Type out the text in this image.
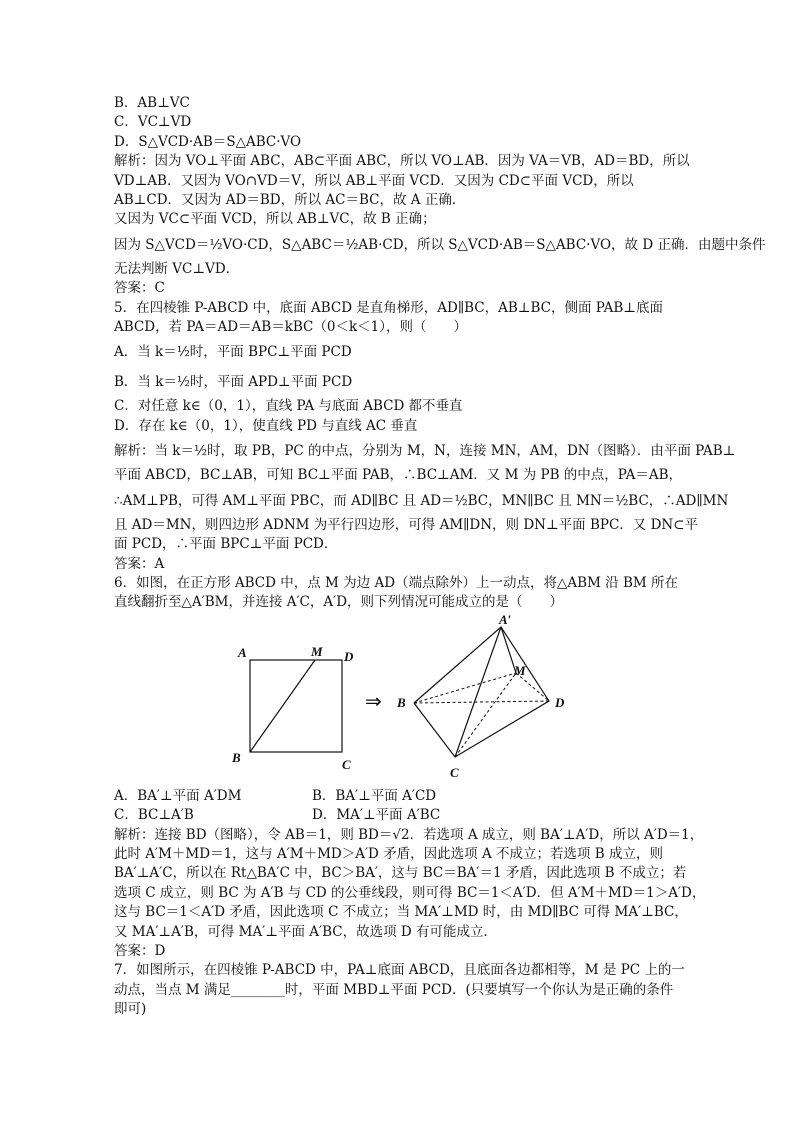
B．AB⊥VC
C．VC⊥VD
D．S△VCD·AB＝S△ABC·VO
解析：因为 VO⊥平面 ABC，AB⊂平面 ABC，所以 VO⊥AB．因为 VA＝VB，AD＝BD，所以
VD⊥AB．又因为 VO∩VD＝V，所以 AB⊥平面 VCD．又因为 CD⊂平面 VCD，所以
AB⊥CD．又因为 AD＝BD，所以 AC＝BC，故 A 正确．
又因为 VC⊂平面 VCD，所以 AB⊥VC，故 B 正确；
因为 S△VCD＝½VO·CD，S△ABC＝½AB·CD，所以 S△VCD·AB＝S△ABC·VO，故 D 正确．由题中条件
无法判断 VC⊥VD．
答案：C
5．在四棱锥 P-ABCD 中，底面 ABCD 是直角梯形，AD∥BC，AB⊥BC，侧面 PAB⊥底面
ABCD，若 PA＝AD＝AB＝kBC（0＜k＜1），则（　　）
A．当 k＝½时，平面 BPC⊥平面 PCD
B．当 k＝½时，平面 APD⊥平面 PCD
C．对任意 k∈（0，1），直线 PA 与底面 ABCD 都不垂直
D．存在 k∈（0，1），使直线 PD 与直线 AC 垂直
解析：当 k＝½时，取 PB，PC 的中点，分别为 M，N，连接 MN，AM，DN（图略）．由平面 PAB⊥
平面 ABCD，BC⊥AB，可知 BC⊥平面 PAB，∴BC⊥AM．又 M 为 PB 的中点，PA＝AB，
∴AM⊥PB，可得 AM⊥平面 PBC，而 AD∥BC 且 AD＝½BC，MN∥BC 且 MN＝½BC，∴AD∥MN
且 AD＝MN，则四边形 ADNM 为平行四边形，可得 AM∥DN，则 DN⊥平面 BPC．又 DN⊂平
面 PCD，∴平面 BPC⊥平面 PCD．
答案：A
6．如图，在正方形 ABCD 中，点 M 为边 AD（端点除外）上一动点，将△ABM 沿 BM 所在
直线翻折至△A′BM，并连接 A′C，A′D，则下列情况可能成立的是（　　）
A	M D
B	C
A′
M
B	D
C
⇒
A．BA′⊥平面 A′DM	B．BA′⊥平面 A′CD
C．BC⊥A′B	D．MA′⊥平面 A′BC
解析：连接 BD（图略），令 AB＝1，则 BD＝√2．若选项 A 成立，则 BA′⊥A′D，所以 A′D＝1，
此时 A′M＋MD＝1，这与 A′M＋MD＞A′D 矛盾，因此选项 A 不成立；若选项 B 成立，则
BA′⊥A′C，所以在 Rt△BA′C 中，BC＞BA′，这与 BC＝BA′＝1 矛盾，因此选项 B 不成立；若
选项 C 成立，则 BC 为 A′B 与 CD 的公垂线段，则可得 BC＝1＜A′D．但 A′M＋MD＝1＞A′D，
这与 BC＝1＜A′D 矛盾，因此选项 C 不成立；当 MA′⊥MD 时，由 MD∥BC 可得 MA′⊥BC，
又 MA′⊥A′B，可得 MA′⊥平面 A′BC，故选项 D 有可能成立．
答案：D
7．如图所示，在四棱锥 P-ABCD 中，PA⊥底面 ABCD，且底面各边都相等，M 是 PC 上的一
动点，当点 M 满足________时，平面 MBD⊥平面 PCD．(只要填写一个你认为是正确的条件
即可)
